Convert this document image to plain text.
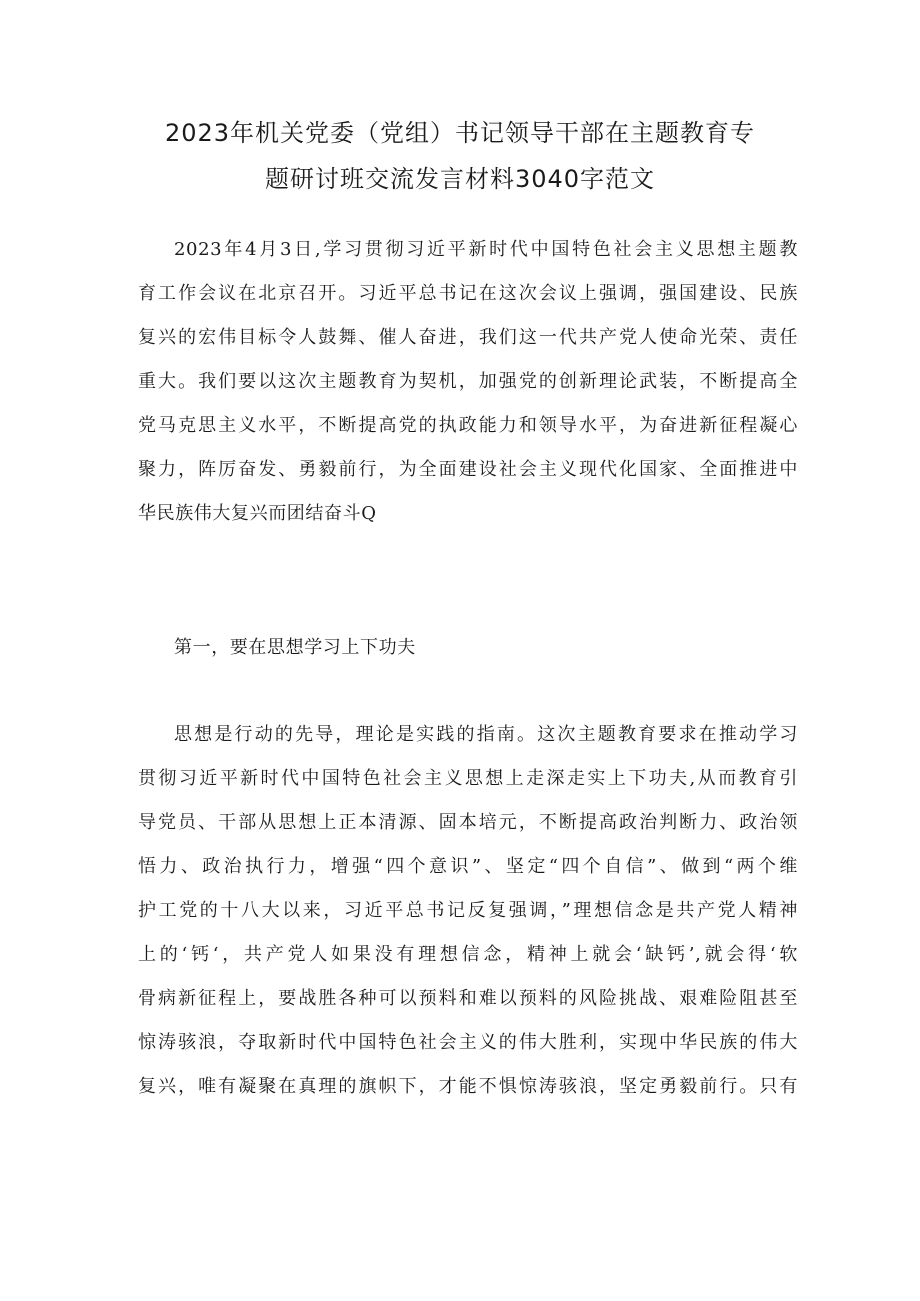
2023年机关党委（党组）书记领导干部在主题教育专
题研讨班交流发言材料3040字范文
2023年4月3日,学习贯彻习近平新时代中国特色社会主义思想主题教
育工作会议在北京召开。习近平总书记在这次会议上强调，强国建设、民族
复兴的宏伟目标令人鼓舞、催人奋进，我们这一代共产党人使命光荣、责任
重大。我们要以这次主题教育为契机，加强党的创新理论武装，不断提高全
党马克思主义水平，不断提高党的执政能力和领导水平，为奋进新征程凝心
聚力，阵厉奋发、勇毅前行，为全面建设社会主义现代化国家、全面推进中
华民族伟大复兴而团结奋斗Q
第一，要在思想学习上下功夫
思想是行动的先导，理论是实践的指南。这次主题教育要求在推动学习
贯彻习近平新时代中国特色社会主义思想上走深走实上下功夫,从而教育引
导党员、干部从思想上正本清源、固本培元，不断提高政治判断力、政治领
悟力、政治执行力，增强“四个意识”、坚定“四个自信”、做到“两个维
护工党的十八大以来，习近平总书记反复强调，”理想信念是共产党人精神
上的‘钙‘，共产党人如果没有理想信念，精神上就会‘缺钙’,就会得‘软
骨病新征程上，要战胜各种可以预料和难以预料的风险挑战、艰难险阻甚至
惊涛骇浪，夺取新时代中国特色社会主义的伟大胜利，实现中华民族的伟大
复兴，唯有凝聚在真理的旗帜下，才能不惧惊涛骇浪，坚定勇毅前行。只有
